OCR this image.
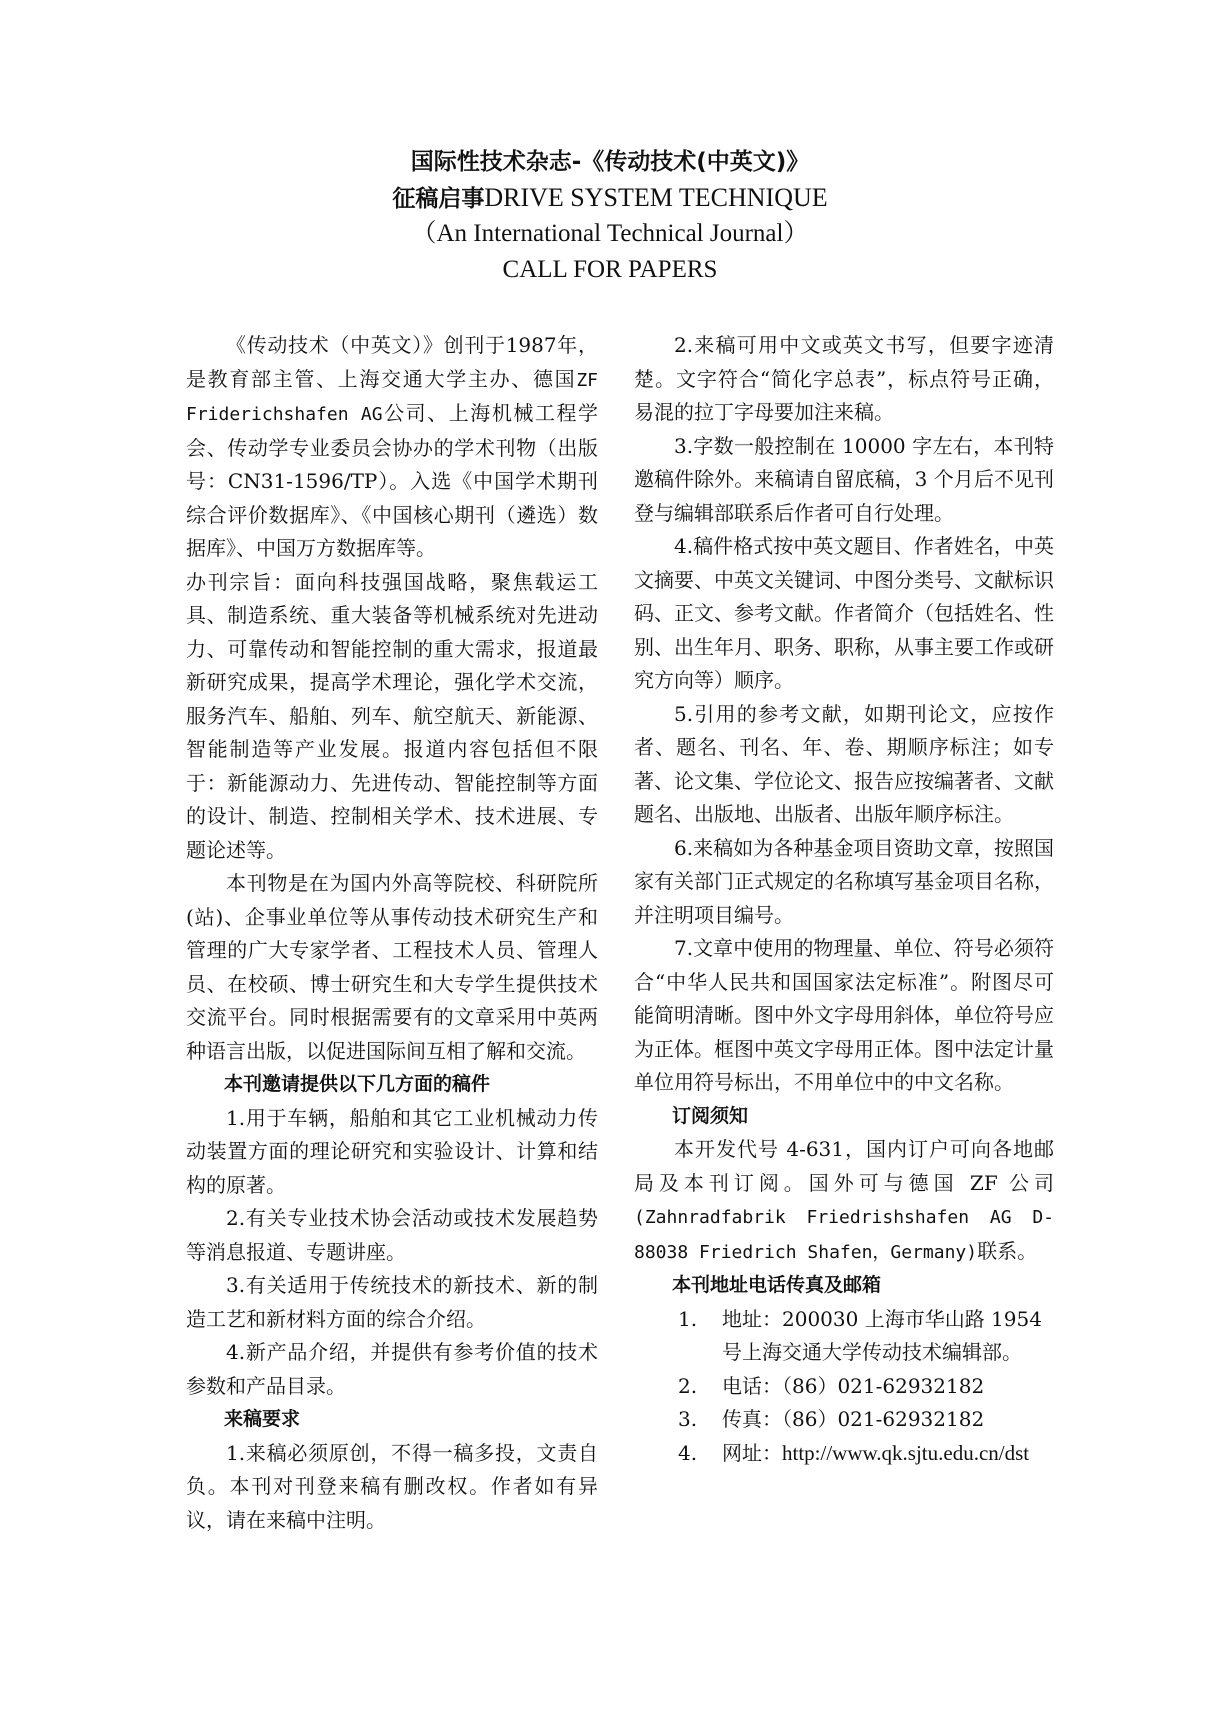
国际性技术杂志-《传动技术(中英文)》
征稿启事DRIVE SYSTEM TECHNIQUE
（An International Technical Journal）
CALL FOR PAPERS

《传动技术（中英文）》创刊于1987年，是教育部主管、上海交通大学主办、德国ZF Friderichshafen AG公司、上海机械工程学会、传动学专业委员会协办的学术刊物（出版号：CN31-1596/TP）。入选《中国学术期刊综合评价数据库》、《中国核心期刊（遴选）数据库》、中国万方数据库等。

办刊宗旨：面向科技强国战略，聚焦载运工具、制造系统、重大装备等机械系统对先进动力、可靠传动和智能控制的重大需求，报道最新研究成果，提高学术理论，强化学术交流，服务汽车、船舶、列车、航空航天、新能源、智能制造等产业发展。报道内容包括但不限于：新能源动力、先进传动、智能控制等方面的设计、制造、控制相关学术、技术进展、专题论述等。

本刊物是在为国内外高等院校、科研院所(站)、企事业单位等从事传动技术研究生产和管理的广大专家学者、工程技术人员、管理人员、在校硕、博士研究生和大专学生提供技术交流平台。同时根据需要有的文章采用中英两种语言出版，以促进国际间互相了解和交流。

本刊邀请提供以下几方面的稿件

1.用于车辆，船舶和其它工业机械动力传动装置方面的理论研究和实验设计、计算和结构的原著。

2.有关专业技术协会活动或技术发展趋势等消息报道、专题讲座。

3.有关适用于传统技术的新技术、新的制造工艺和新材料方面的综合介绍。

4.新产品介绍，并提供有参考价值的技术参数和产品目录。

来稿要求

1.来稿必须原创，不得一稿多投，文责自负。本刊对刊登来稿有删改权。作者如有异议，请在来稿中注明。

2.来稿可用中文或英文书写，但要字迹清楚。文字符合“简化字总表”，标点符号正确，易混的拉丁字母要加注来稿。

3.字数一般控制在 10000 字左右，本刊特邀稿件除外。来稿请自留底稿，3 个月后不见刊登与编辑部联系后作者可自行处理。

4.稿件格式按中英文题目、作者姓名，中英文摘要、中英文关键词、中图分类号、文献标识码、正文、参考文献。作者简介（包括姓名、性别、出生年月、职务、职称，从事主要工作或研究方向等）顺序。

5.引用的参考文献，如期刊论文，应按作者、题名、刊名、年、卷、期顺序标注；如专著、论文集、学位论文、报告应按编著者、文献题名、出版地、出版者、出版年顺序标注。

6.来稿如为各种基金项目资助文章，按照国家有关部门正式规定的名称填写基金项目名称，并注明项目编号。

7.文章中使用的物理量、单位、符号必须符合“中华人民共和国国家法定标准”。附图尽可能简明清晰。图中外文字母用斜体，单位符号应为正体。框图中英文字母用正体。图中法定计量单位用符号标出，不用单位中的中文名称。

订阅须知

本开发代号 4-631，国内订户可向各地邮局及本刊订阅。国外可与德国 ZF 公司(Zahnradfabrik Friedrishshafen AG D-88038 Friedrich Shafen，Germany)联系。

本刊地址电话传真及邮箱

1.	地址：200030 上海市华山路 1954 号上海交通大学传动技术编辑部。
2.	电话：（86）021-62932182
3.	传真：（86）021-62932182
4.	网址：http://www.qk.sjtu.edu.cn/dst
